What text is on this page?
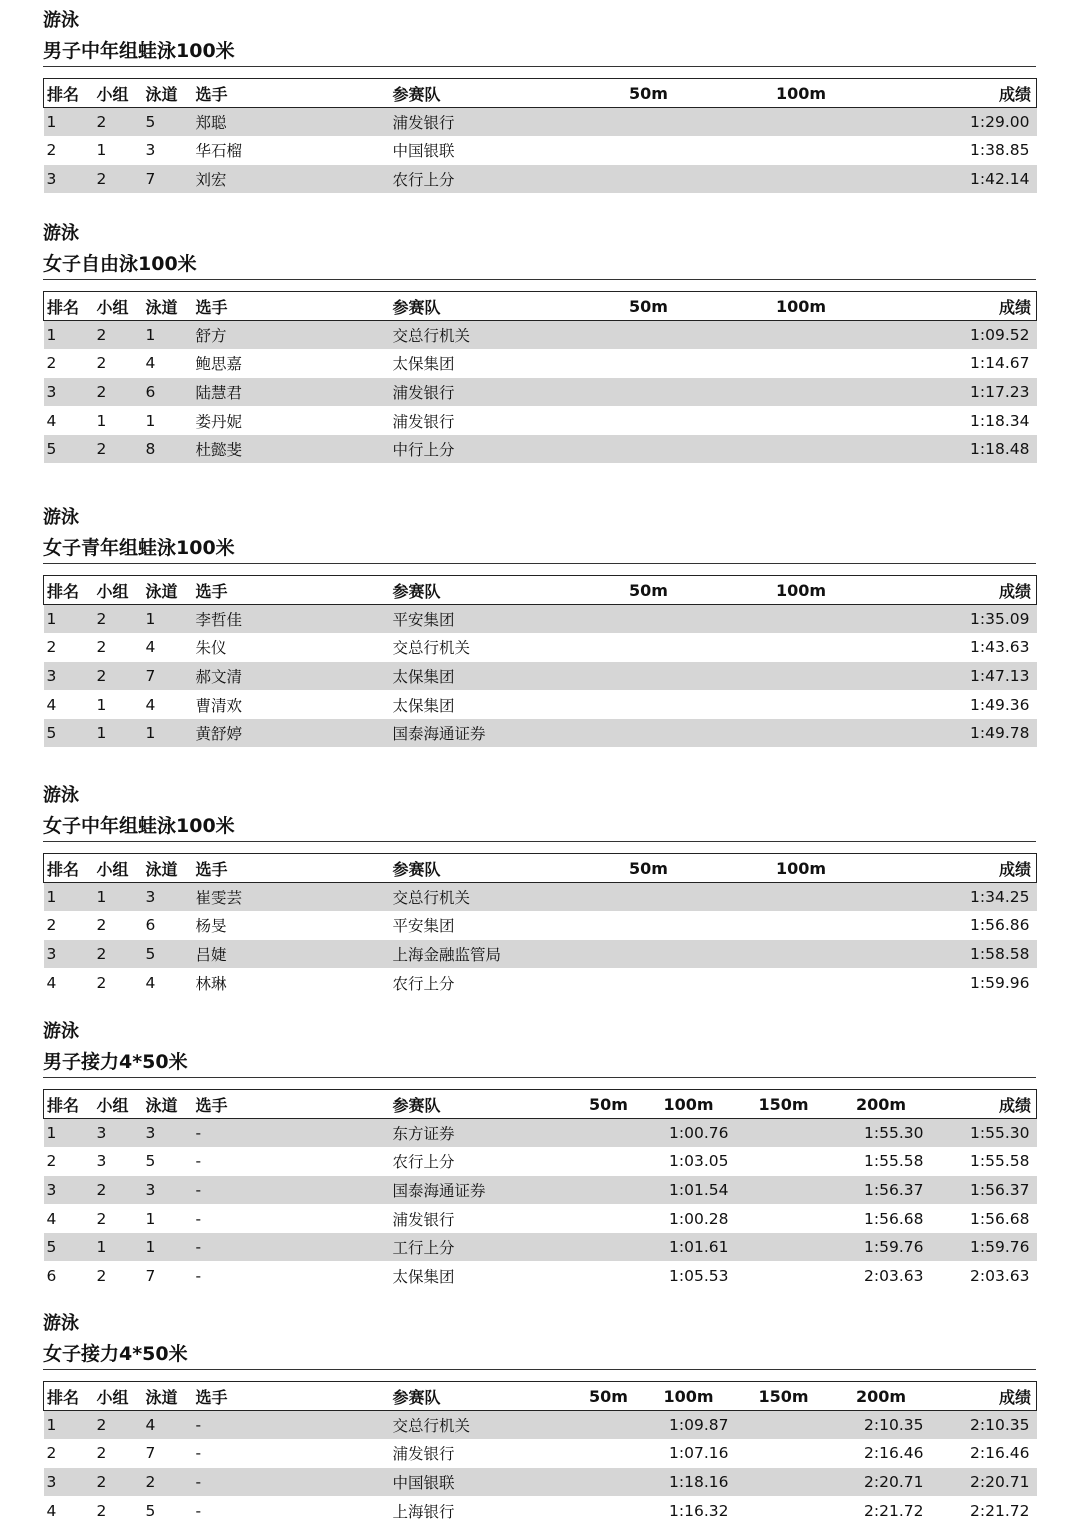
游泳
男子中年组蛙泳100米
排名	小组	泳道	选手	参赛队	50m	100m	成绩
1	2	5	郑聪	浦发银行			1:29.00
2	1	3	华石榴	中国银联			1:38.85
3	2	7	刘宏	农行上分			1:42.14
游泳
女子自由泳100米
排名	小组	泳道	选手	参赛队	50m	100m	成绩
1	2	1	舒方	交总行机关			1:09.52
2	2	4	鲍思嘉	太保集团			1:14.67
3	2	6	陆慧君	浦发银行			1:17.23
4	1	1	娄丹妮	浦发银行			1:18.34
5	2	8	杜懿斐	中行上分			1:18.48
游泳
女子青年组蛙泳100米
排名	小组	泳道	选手	参赛队	50m	100m	成绩
1	2	1	李哲佳	平安集团			1:35.09
2	2	4	朱仪	交总行机关			1:43.63
3	2	7	郝文清	太保集团			1:47.13
4	1	4	曹清欢	太保集团			1:49.36
5	1	1	黄舒婷	国泰海通证券			1:49.78
游泳
女子中年组蛙泳100米
排名	小组	泳道	选手	参赛队	50m	100m	成绩
1	1	3	崔雯芸	交总行机关			1:34.25
2	2	6	杨旻	平安集团			1:56.86
3	2	5	吕婕	上海金融监管局			1:58.58
4	2	4	林琳	农行上分			1:59.96
游泳
男子接力4*50米
排名	小组	泳道	选手	参赛队	50m	100m	150m	200m	成绩
1	3	3	-	东方证券		1:00.76		1:55.30	1:55.30
2	3	5	-	农行上分		1:03.05		1:55.58	1:55.58
3	2	3	-	国泰海通证券		1:01.54		1:56.37	1:56.37
4	2	1	-	浦发银行		1:00.28		1:56.68	1:56.68
5	1	1	-	工行上分		1:01.61		1:59.76	1:59.76
6	2	7	-	太保集团		1:05.53		2:03.63	2:03.63
游泳
女子接力4*50米
排名	小组	泳道	选手	参赛队	50m	100m	150m	200m	成绩
1	2	4	-	交总行机关		1:09.87		2:10.35	2:10.35
2	2	7	-	浦发银行		1:07.16		2:16.46	2:16.46
3	2	2	-	中国银联		1:18.16		2:20.71	2:20.71
4	2	5	-	上海银行		1:16.32		2:21.72	2:21.72
